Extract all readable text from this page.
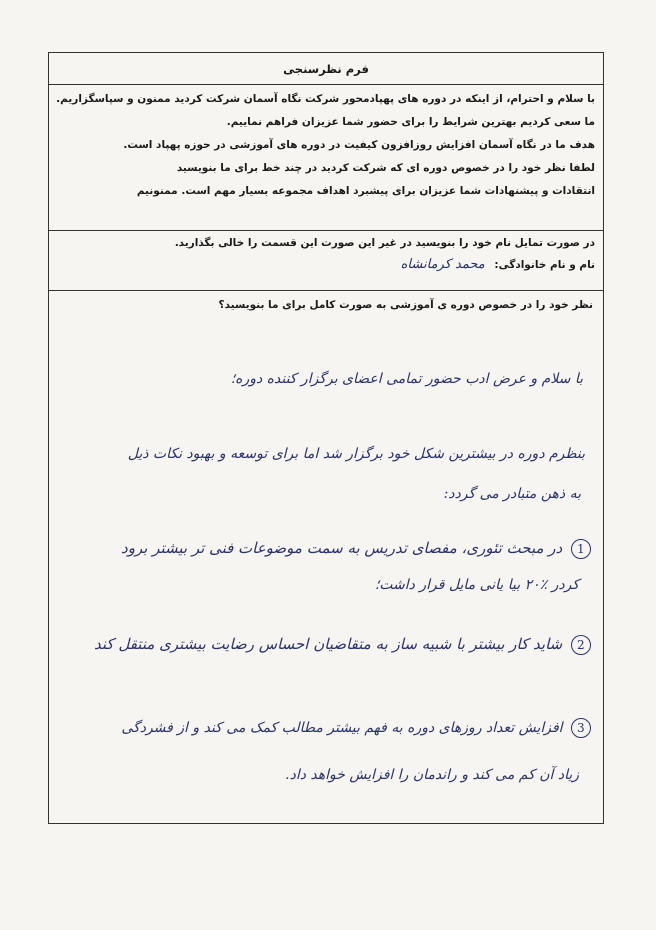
فرم نظرسنجی

با سلام و احترام، از اینکه در دوره های پهپادمحور شرکت نگاه آسمان شرکت کردید ممنون و سپاسگزاریم.

ما سعی کردیم بهترین شرایط را برای حضور شما عزیزان فراهم نماییم.

هدف ما در نگاه آسمان افزایش روزافزون کیفیت در دوره های آموزشی در حوزه پهپاد است.

لطفا نظر خود را در خصوص دوره ای که شرکت کردید در چند خط برای ما بنویسید

انتقادات و پیشنهادات شما عزیزان برای پیشبرد اهداف مجموعه بسیار مهم است. ممنونیم

در صورت تمایل نام خود را بنویسید در غیر این صورت این قسمت را خالی بگذارید.

نام و نام خانوادگی: محمد کرمانشاه

نظر خود را در خصوص دوره ی آموزشی به صورت کامل برای ما بنویسید؟

با سلام و عرض ادب حضور تمامی اعضای برگزار کننده دوره؛

بنظرم دوره در بیشترین شکل خود برگزار شد اما برای توسعه و بهبود نکات ذیل

به ذهن متبادر می گردد:

1 در مبحث تئوری، مفصای تدریس به سمت موضوعات فنی تر بیشتر برود

کردر ٪۲۰ بیا یانی مایل قرار داشت؛

2 شاید کار بیشتر با شبیه ساز به متقاضیان احساس رضایت بیشتری منتقل کند

3 افزایش تعداد روزهای دوره به فهم بیشتر مطالب کمک می کند و از فشردگی

زیاد آن کم می کند و راندمان را افزایش خواهد داد.
